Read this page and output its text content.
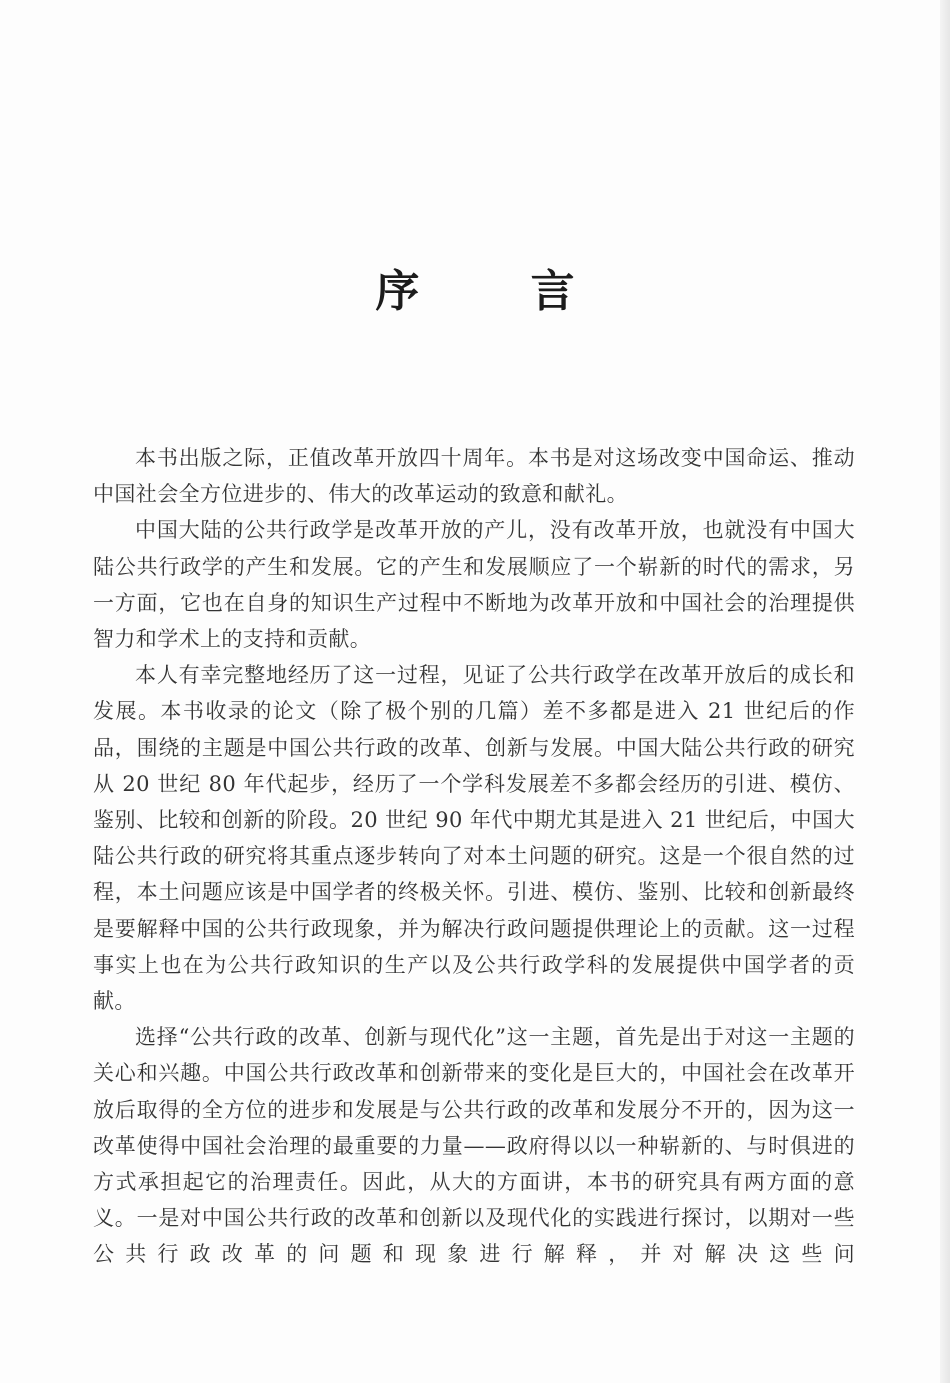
序 言

本书出版之际，正值改革开放四十周年。本书是对这场改变中国命运、推动中国社会全方位进步的、伟大的改革运动的致意和献礼。

中国大陆的公共行政学是改革开放的产儿，没有改革开放，也就没有中国大陆公共行政学的产生和发展。它的产生和发展顺应了一个崭新的时代的需求，另一方面，它也在自身的知识生产过程中不断地为改革开放和中国社会的治理提供智力和学术上的支持和贡献。

本人有幸完整地经历了这一过程，见证了公共行政学在改革开放后的成长和发展。本书收录的论文（除了极个别的几篇）差不多都是进入 21 世纪后的作品，围绕的主题是中国公共行政的改革、创新与发展。中国大陆公共行政的研究从 20 世纪 80 年代起步，经历了一个学科发展差不多都会经历的引进、模仿、鉴别、比较和创新的阶段。20 世纪 90 年代中期尤其是进入 21 世纪后，中国大陆公共行政的研究将其重点逐步转向了对本土问题的研究。这是一个很自然的过程，本土问题应该是中国学者的终极关怀。引进、模仿、鉴别、比较和创新最终是要解释中国的公共行政现象，并为解决行政问题提供理论上的贡献。这一过程事实上也在为公共行政知识的生产以及公共行政学科的发展提供中国学者的贡献。

选择“公共行政的改革、创新与现代化”这一主题，首先是出于对这一主题的关心和兴趣。中国公共行政改革和创新带来的变化是巨大的，中国社会在改革开放后取得的全方位的进步和发展是与公共行政的改革和发展分不开的，因为这一改革使得中国社会治理的最重要的力量——政府得以以一种崭新的、与时俱进的方式承担起它的治理责任。因此，从大的方面讲，本书的研究具有两方面的意义。一是对中国公共行政的改革和创新以及现代化的实践进行探讨，以期对一些公共行政改革的问题和现象进行解释，并对解决这些问
